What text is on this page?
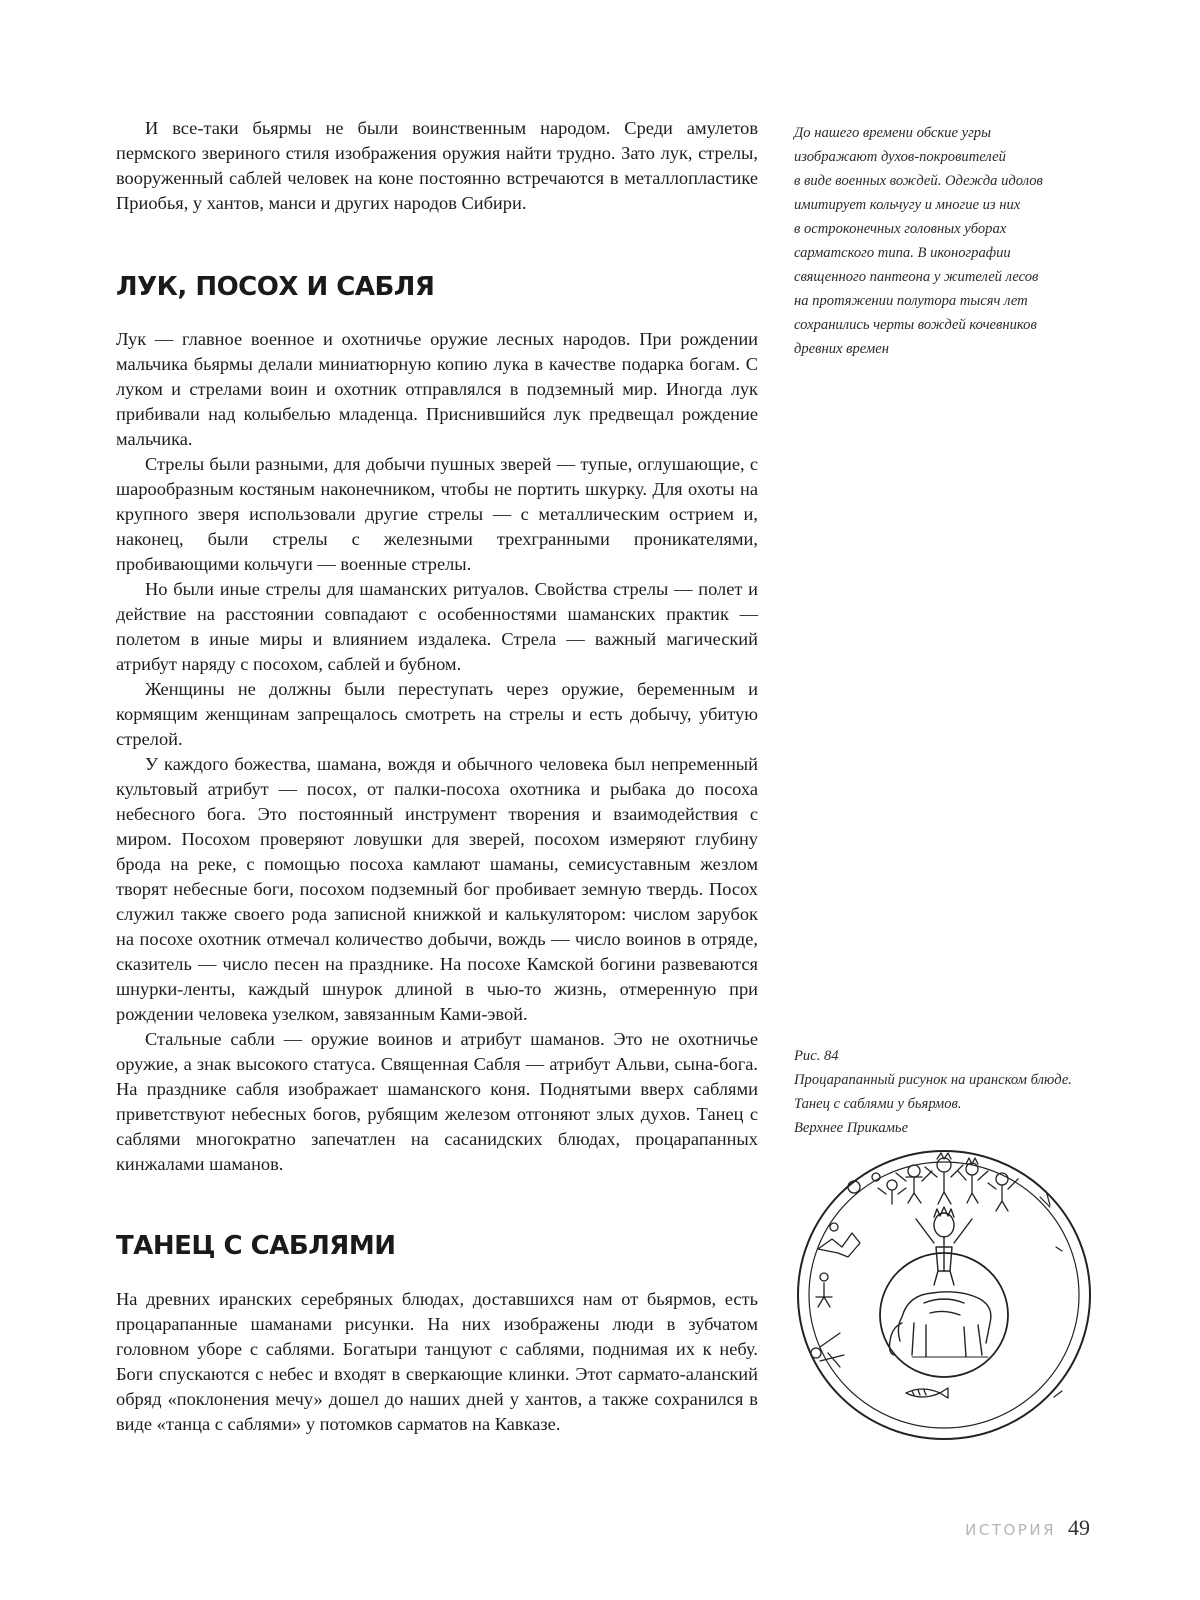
И все-таки бьярмы не были воинственным народом. Среди амулетов пермского звериного стиля изображения оружия найти трудно. Зато лук, стрелы, вооруженный саблей человек на коне постоянно встречаются в металлопластике Приобья, у хантов, манси и других народов Сибири.

ЛУК, ПОСОХ И САБЛЯ

Лук — главное военное и охотничье оружие лесных народов. При рождении мальчика бьярмы делали миниатюрную копию лука в качестве подарка богам. С луком и стрелами воин и охотник отправлялся в подземный мир. Иногда лук прибивали над колыбелью младенца. Приснившийся лук предвещал рождение мальчика.

Стрелы были разными, для добычи пушных зверей — тупые, оглушающие, с шарообразным костяным наконечником, чтобы не портить шкурку. Для охоты на крупного зверя использовали другие стрелы — с металлическим острием и, наконец, были стрелы с железными трехгранными проникателями, пробивающими кольчуги — военные стрелы.

Но были иные стрелы для шаманских ритуалов. Свойства стрелы — полет и действие на расстоянии совпадают с особенностями шаманских практик — полетом в иные миры и влиянием издалека. Стрела — важный магический атрибут наряду с посохом, саблей и бубном.

Женщины не должны были переступать через оружие, беременным и кормящим женщинам запрещалось смотреть на стрелы и есть добычу, убитую стрелой.

У каждого божества, шамана, вождя и обычного человека был непременный культовый атрибут — посох, от палки-посоха охотника и рыбака до посоха небесного бога. Это постоянный инструмент творения и взаимодействия с миром. Посохом проверяют ловушки для зверей, посохом измеряют глубину брода на реке, с помощью посоха камлают шаманы, семисуставным жезлом творят небесные боги, посохом подземный бог пробивает земную твердь. Посох служил также своего рода записной книжкой и калькулятором: числом зарубок на посохе охотник отмечал количество добычи, вождь — число воинов в отряде, сказитель — число песен на празднике. На посохе Камской богини развеваются шнурки-ленты, каждый шнурок длиной в чью-то жизнь, отмеренную при рождении человека узелком, завязанным Ками-эвой.

Стальные сабли — оружие воинов и атрибут шаманов. Это не охотничье оружие, а знак высокого статуса. Священная Сабля — атрибут Альви, сына-бога. На празднике сабля изображает шаманского коня. Поднятыми вверх саблями приветствуют небесных богов, рубящим железом отгоняют злых духов. Танец с саблями многократно запечатлен на сасанидских блюдах, процарапанных кинжалами шаманов.

ТАНЕЦ С САБЛЯМИ

На древних иранских серебряных блюдах, доставшихся нам от бьярмов, есть процарапанные шаманами рисунки. На них изображены люди в зубчатом головном уборе с саблями. Богатыри танцуют с саблями, поднимая их к небу. Боги спускаются с небес и входят в сверкающие клинки. Этот сармато-аланский обряд «поклонения мечу» дошел до наших дней у хантов, а также сохранился в виде «танца с саблями» у потомков сарматов на Кавказе.

До нашего времени обские угры
изображают духов-покровителей
в виде военных вождей. Одежда идолов
имитирует кольчугу и многие из них
в остроконечных головных уборах
сарматского типа. В иконографии
священного пантеона у жителей лесов
на протяжении полутора тысяч лет
сохранились черты вождей кочевников
древних времен
Рис. 84
Процарапанный рисунок на иранском блюде.
Танец с саблями у бьярмов.
Верхнее Прикамье
ИСТОРИЯ 49
